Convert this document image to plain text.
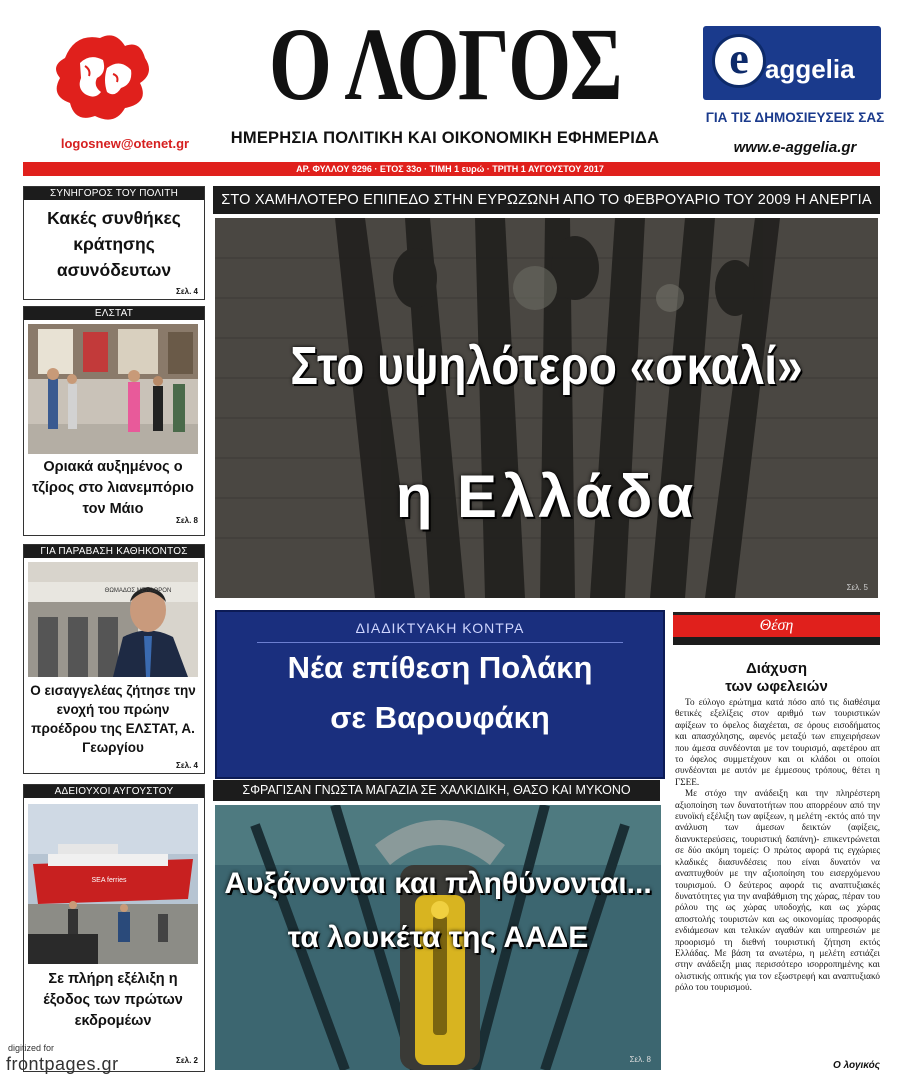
logosnew@otenet.gr
Ο ΛΟΓΟΣ
ΗΜΕΡΗΣΙΑ ΠΟΛΙΤΙΚΗ ΚΑΙ ΟΙΚΟΝΟΜΙΚΗ ΕΦΗΜΕΡΙΔΑ
e aggelia
ΓΙΑ ΤΙΣ ΔΗΜΟΣΙΕΥΣΕΙΣ ΣΑΣ
www.e-aggelia.gr
ΑΡ. ΦΥΛΛΟΥ 9296 · ΕΤΟΣ 33ο · ΤΙΜΗ 1 ευρώ · ΤΡΙΤΗ 1 ΑΥΓΟΥΣΤΟΥ 2017
ΣΥΝΗΓΟΡΟΣ ΤΟΥ ΠΟΛΙΤΗ
Κακές συνθήκες κράτησης ασυνόδευτων
Σελ. 4
ΕΛΣΤΑΤ
Οριακά αυξημένος ο τζίρος στο λιανεμπόριο τον Μάιο
Σελ. 8
ΓΙΑ ΠΑΡΑΒΑΣΗ ΚΑΘΗΚΟΝΤΟΣ
ΘΩΜΑΔΟΣ ΜΕΛΑΘΡΟΝ
Ο εισαγγελέας ζήτησε την ενοχή του πρώην προέδρου της ΕΛΣΤΑΤ, Α. Γεωργίου
Σελ. 4
ΑΔΕΙΟΥΧΟΙ ΑΥΓΟΥΣΤΟΥ
SEA ferries
Σε πλήρη εξέλιξη η έξοδος των πρώτων εκδρομέων
Σελ. 2
ΣΤΟ ΧΑΜΗΛΟΤΕΡΟ ΕΠΙΠΕΔΟ ΣΤΗΝ ΕΥΡΩΖΩΝΗ ΑΠΟ ΤΟ ΦΕΒΡΟΥΑΡΙΟ ΤΟΥ 2009 Η ΑΝΕΡΓΙΑ
Στο υψηλότερο «σκαλί»
η Ελλάδα
Σελ. 5
ΔΙΑΔΙΚΤΥΑΚΗ ΚΟΝΤΡΑ
Νέα επίθεση Πολάκη
σε Βαρουφάκη
ΣΦΡΑΓΙΣΑΝ ΓΝΩΣΤΑ ΜΑΓΑΖΙΑ ΣΕ ΧΑΛΚΙΔΙΚΗ, ΘΑΣΟ ΚΑΙ ΜΥΚΟΝΟ
Αυξάνονται και πληθύνονται...
τα λουκέτα της ΑΑΔΕ
Σελ. 8
Θέση
Διάχυση
των ωφελειών

Το εύλογο ερώτημα κατά πόσο από τις διαθέσιμα θετικές εξελίξεις στον αριθμό των τουριστικών αφίξεων το όφελος διαχέεται, σε όρους εισοδήματος και απασχόλησης, αφενός μεταξύ των επιχειρήσεων που άμεσα συνδέονται με τον τουρισμό, αφετέρου απ το όφελος συμμετέχουν και οι κλάδοι οι οποίοι συνδέονται με αυτόν με έμμεσους τρόπους, θέτει η ΓΣΕΕ.

Με στόχο την ανάδειξη και την πληρέστερη αξιοποίηση των δυνατοτήτων που απορρέουν από την ευνοϊκή εξέλιξη των αφίξεων, η μελέτη -εκτός από την ανάλυση των άμεσων δεικτών (αφίξεις, διανυκτερεύσεις, τουριστική δαπάνη)- επικεντρώνεται σε δύο ακόμη τομείς: Ο πρώτος αφορά τις εγχώριες κλαδικές διασυνδέσεις που είναι δυνατόν να αναπτυχθούν με την αξιοποίηση του εισερχόμενου τουρισμού. Ο δεύτερος αφορά τις αναπτυξιακές δυνατότητες για την αναβάθμιση της χώρας, πέραν του ρόλου της ως χώρας υποδοχής, και ως χώρας αποστολής τουριστών και ως οικονομίας προσφοράς ενδιάμεσων και τελικών αγαθών και υπηρεσιών με προορισμό τη διεθνή τουριστική ζήτηση εκτός Ελλάδας. Με βάση τα ανωτέρω, η μελέτη εστιάζει στην ανάδειξη μιας περισσότερο ισορροπημένης και ολιστικής οπτικής για τον εξωστρεφή και αναπτυξιακό ρόλο του τουρισμού.

Ο λογικός
digitized for
frontpages.gr
